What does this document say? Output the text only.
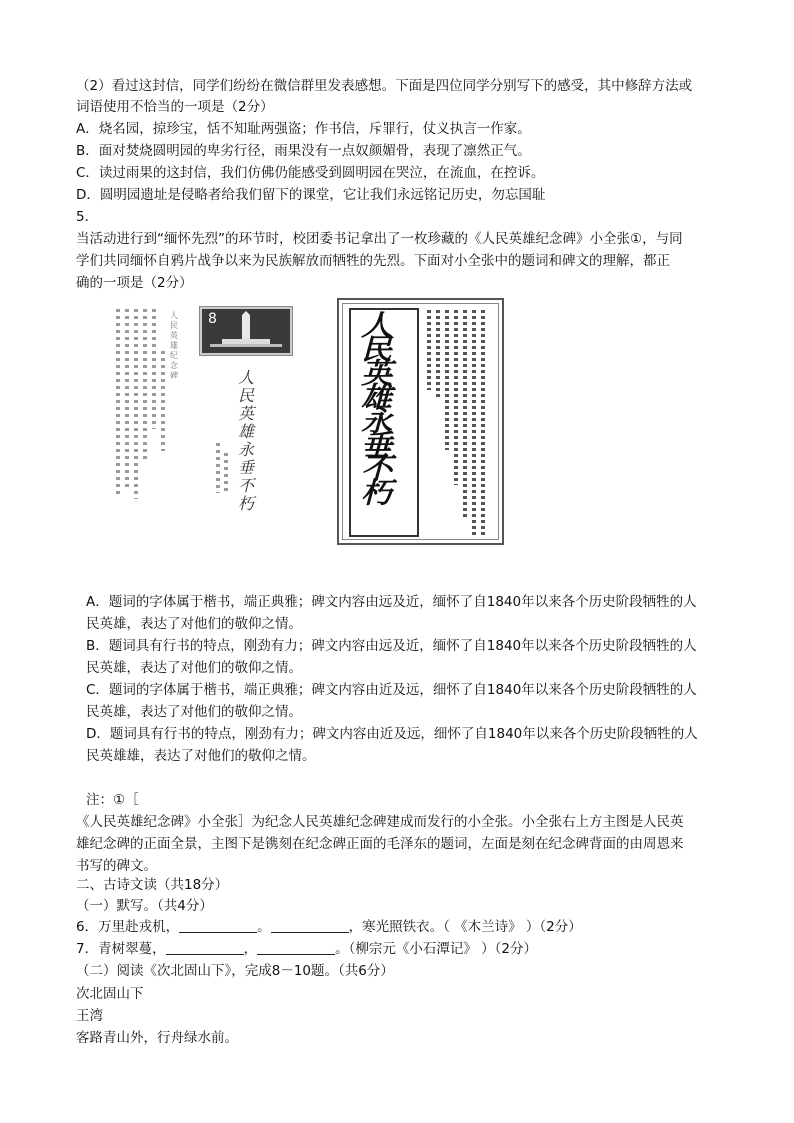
（2）看过这封信，同学们纷纷在微信群里发表感想。下面是四位同学分别写下的感受，其中修辞方法或
词语使用不恰当的一项是（2分）
A．烧名园，掠珍宝，恬不知耻两强盗；作书信，斥罪行，仗义执言一作家。
B．面对焚烧圆明园的卑劣行径，雨果没有一点奴颜媚骨，表现了凛然正气。
C．读过雨果的这封信，我们仿佛仍能感受到圆明园在哭泣，在流血，在控诉。
D．圆明园遗址是侵略者给我们留下的课堂，它让我们永远铭记历史，勿忘国耻
5．
当活动进行到“缅怀先烈”的环节时，校团委书记拿出了一枚珍藏的《人民英雄纪念碑》小全张①，与同
学们共同缅怀自鸦片战争以来为民族解放而牺牲的先烈。下面对小全张中的题词和碑文的理解，都正
确的一项是（2分）
8
人民英雄纪念碑	人民英雄永垂不朽
人民英雄永垂不朽
A．题词的字体属于楷书，端正典雅；碑文内容由远及近，缅怀了自1840年以来各个历史阶段牺牲的人
民英雄，表达了对他们的敬仰之情。
B．题词具有行书的特点，刚劲有力；碑文内容由远及近，缅怀了自1840年以来各个历史阶段牺牲的人
民英雄，表达了对他们的敬仰之情。
C．题词的字体属于楷书，端正典雅；碑文内容由近及远，细怀了自1840年以来各个历史阶段牺牲的人
民英雄，表达了对他们的敬仰之情。
D．题词具有行书的特点，刚劲有力；碑文内容由近及远，细怀了自1840年以来各个历史阶段牺牲的人
民英雄雄，表达了对他们的敬仰之情。
注：①［
《人民英雄纪念碑》小全张］为纪念人民英雄纪念碑建成而发行的小全张。小全张右上方主图是人民英
雄纪念碑的正面全景，主图下是镌刻在纪念碑正面的毛泽东的题词，左面是刻在纪念碑背面的由周恩来
书写的碑文。
二、古诗文读（共18分）
（一）默写。（共4分）
6．万里赴戎机，	。	，寒光照铁衣。（ 《木兰诗》 ）（2分）
7．青树翠蔓，	，	。（柳宗元《小石潭记》 ）（2分）
（二）阅读《次北固山下》，完成8－10题。（共6分）
次北固山下
王湾
客路青山外，行舟绿水前。
